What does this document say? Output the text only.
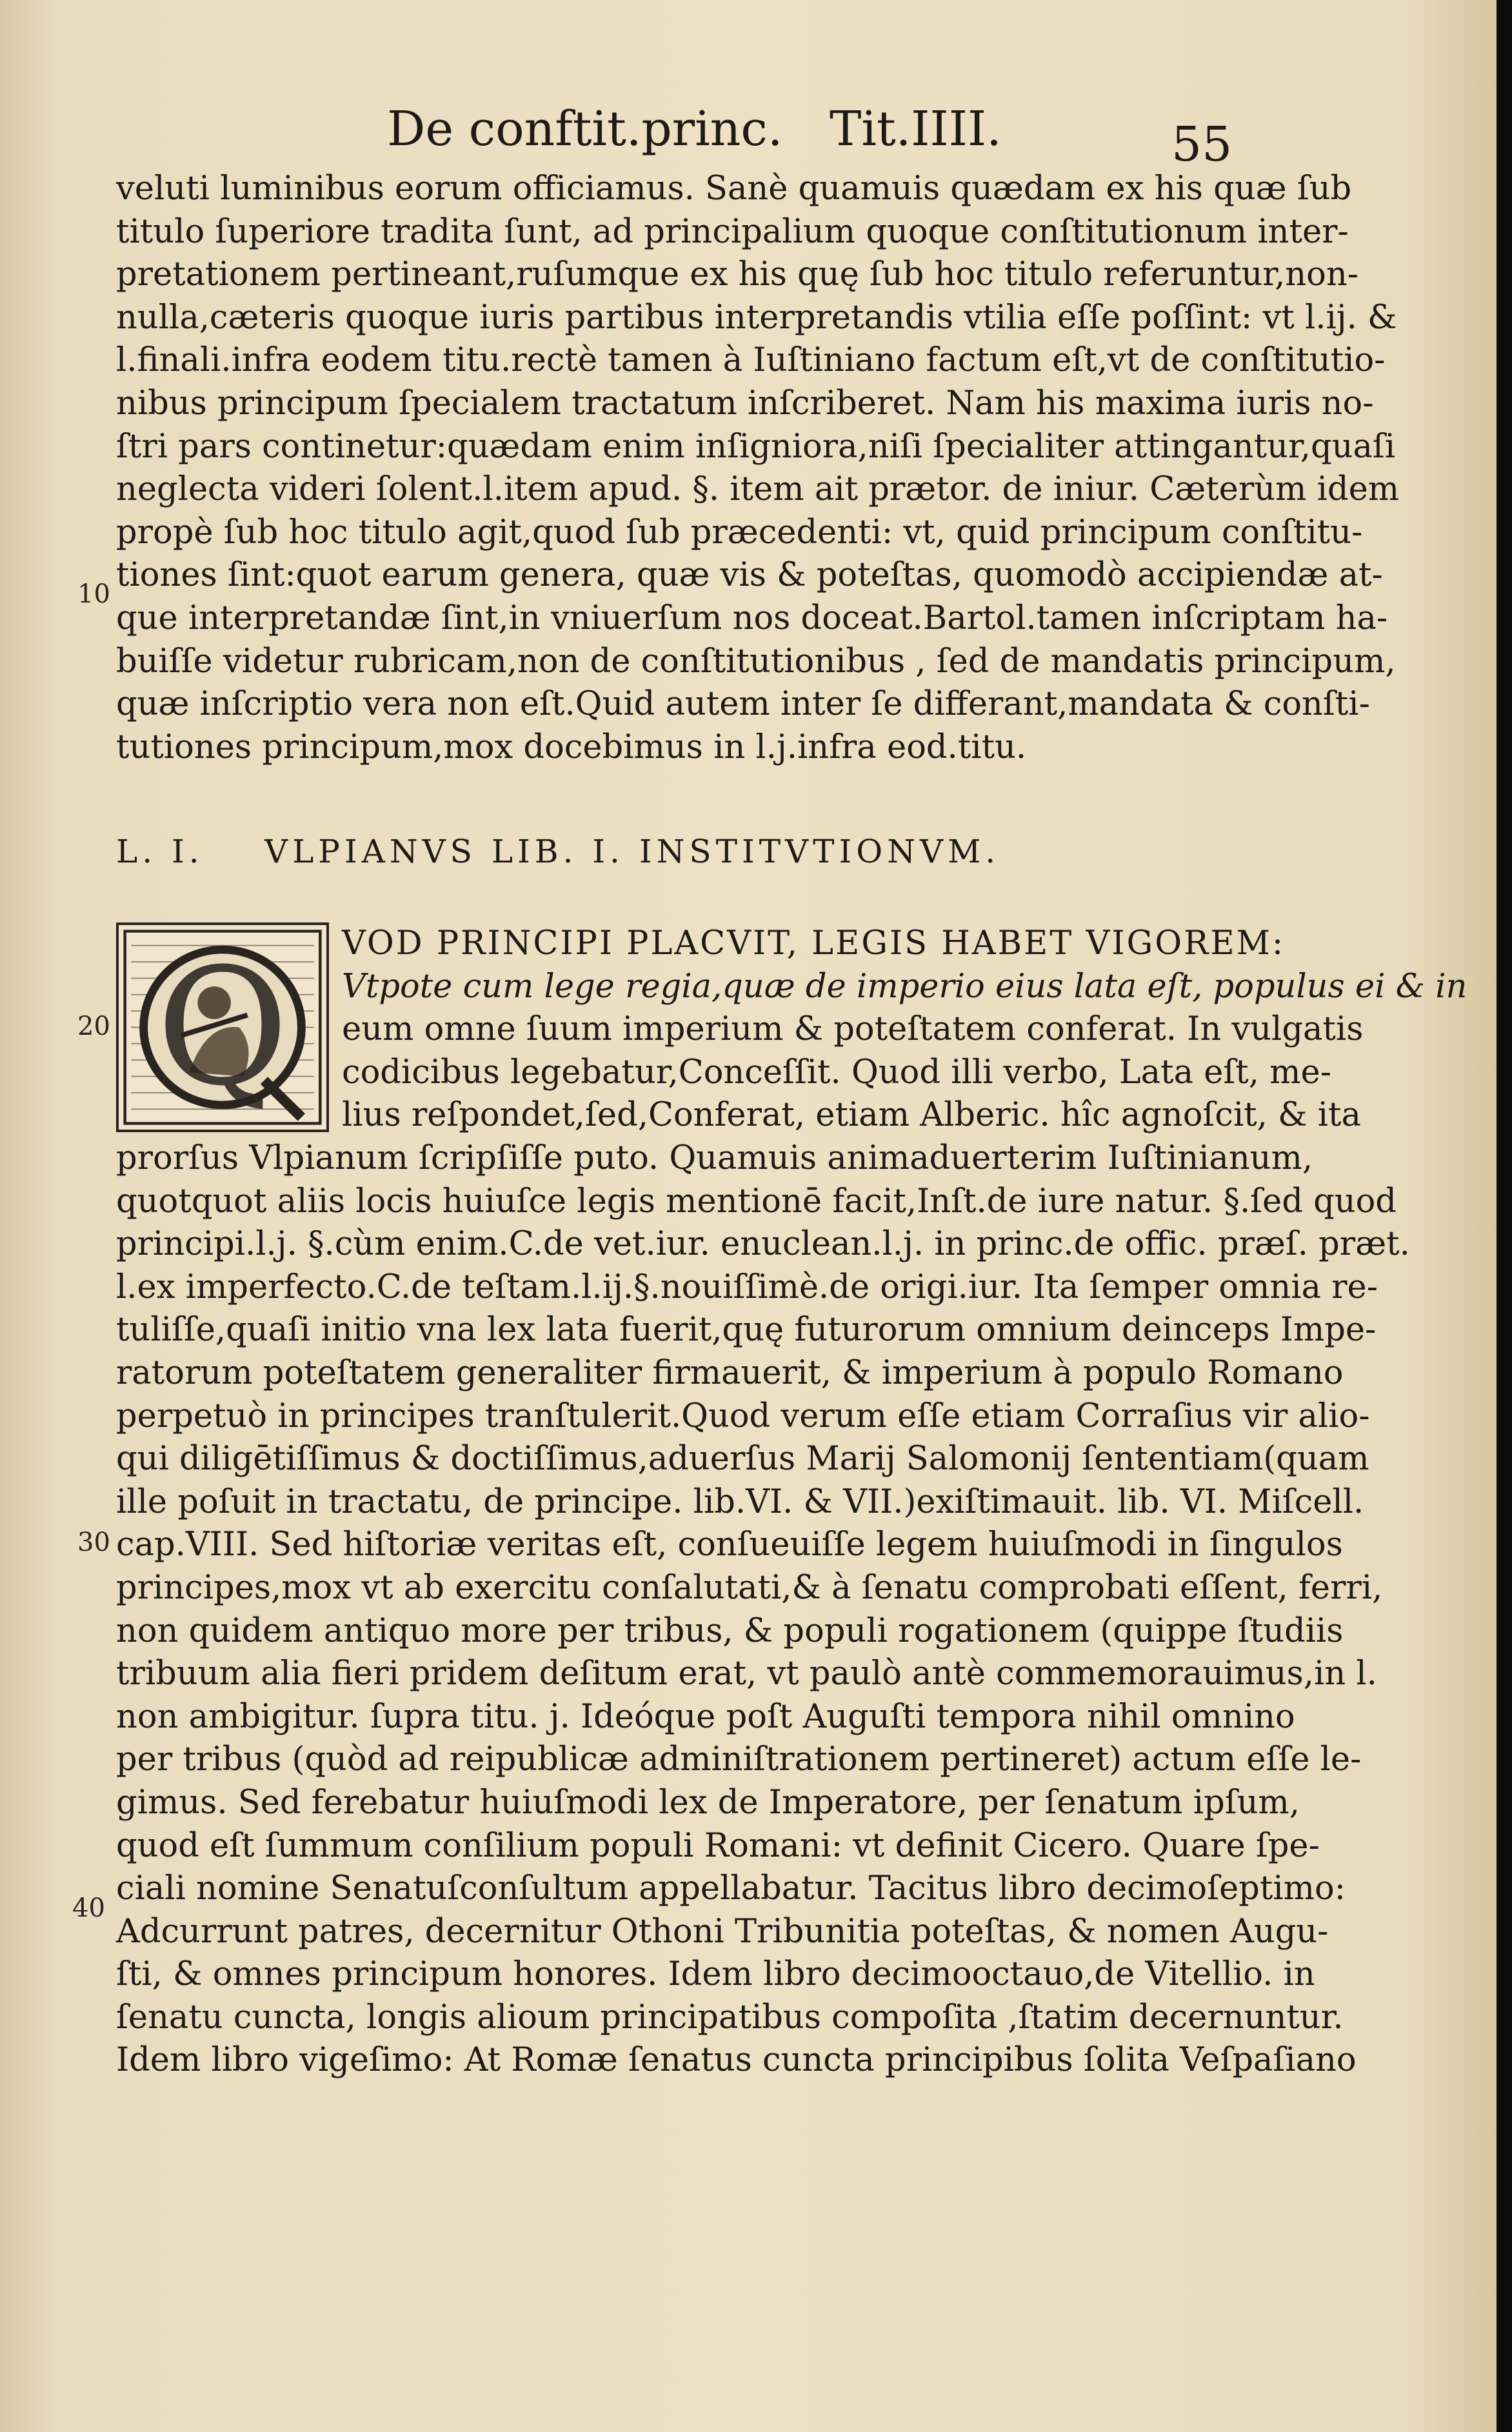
De conftit.princ. Tit.IIII.	55
veluti luminibus eorum officiamus. Sanè quamuis quædam ex his quæ ſub
titulo ſuperiore tradita ſunt, ad principalium quoque conſtitutionum inter-
pretationem pertineant,ruſumque ex his quę ſub hoc titulo referuntur,non-
nulla,cæteris quoque iuris partibus interpretandis vtilia eſſe poſſint: vt l.ij. &
l.finali.infra eodem titu.rectè tamen à Iuſtiniano factum eſt,vt de conſtitutio-
nibus principum ſpecialem tractatum inſcriberet. Nam his maxima iuris no-
ſtri pars continetur:quædam enim inſigniora,niſi ſpecialiter attingantur,quaſi
neglecta videri ſolent.l.item apud. §. item ait prætor. de iniur. Cæterùm idem
propè ſub hoc titulo agit,quod ſub præcedenti: vt, quid principum conſtitu-
tiones ſint:quot earum genera, quæ vis & poteſtas, quomodò accipiendæ at-
que interpretandæ ſint,in vniuerſum nos doceat.Bartol.tamen inſcriptam ha-
buiſſe videtur rubricam,non de conſtitutionibus , ſed de mandatis principum,
quæ inſcriptio vera non eſt.Quid autem inter ſe differant,mandata & conſti-
tutiones principum,mox docebimus in l.j.infra eod.titu.
L. I. VLPIANVS LIB. I. INSTITVTIONVM.
Q	VOD PRINCIPI PLACVIT, LEGIS HABET VIGOREM:
Vtpote cum lege regia,quæ de imperio eius lata eſt, populus ei & in
eum omne ſuum imperium & poteſtatem conferat. In vulgatis
codicibus legebatur,Conceſſit. Quod illi verbo, Lata eſt, me-
lius reſpondet,ſed,Conferat, etiam Alberic. hîc agnoſcit, & ita
prorſus Vlpianum ſcripſiſſe puto. Quamuis animaduerterim Iuſtinianum,
quotquot aliis locis huiuſce legis mentionē facit,Inſt.de iure natur. §.ſed quod
principi.l.j. §.cùm enim.C.de vet.iur. enuclean.l.j. in princ.de offic. præſ. præt.
l.ex imperfecto.C.de teſtam.l.ij.§.nouiſſimè.de origi.iur. Ita ſemper omnia re-
tuliſſe,quaſi initio vna lex lata fuerit,quę futurorum omnium deinceps Impe-
ratorum poteſtatem generaliter firmauerit, & imperium à populo Romano
perpetuò in principes tranſtulerit.Quod verum eſſe etiam Corraſius vir alio-
qui diligētiſſimus & doctiſſimus,aduerſus Marij Salomonij ſententiam(quam
ille poſuit in tractatu, de principe. lib.VI. & VII.)exiſtimauit. lib. VI. Miſcell.
cap.VIII. Sed hiſtoriæ veritas eſt, conſueuiſſe legem huiuſmodi in ſingulos
principes,mox vt ab exercitu conſalutati,& à ſenatu comprobati eſſent, ferri,
non quidem antiquo more per tribus, & populi rogationem (quippe ſtudiis
tribuum alia fieri pridem deſitum erat, vt paulò antè commemorauimus,in l.
non ambigitur. ſupra titu. j. Ideóque poſt Auguſti tempora nihil omnino
per tribus (quòd ad reipublicæ adminiſtrationem pertineret) actum eſſe le-
gimus. Sed ferebatur huiuſmodi lex de Imperatore, per ſenatum ipſum,
quod eſt ſummum conſilium populi Romani: vt definit Cicero. Quare ſpe-
ciali nomine Senatuſconſultum appellabatur. Tacitus libro decimoſeptimo:
Adcurrunt patres, decernitur Othoni Tribunitia poteſtas, & nomen Augu-
ſti, & omnes principum honores. Idem libro decimooctauo,de Vitellio. in
ſenatu cuncta, longis alioum principatibus compoſita ,ſtatim decernuntur.
Idem libro vigeſimo: At Romæ ſenatus cuncta principibus ſolita Veſpaſiano
10
20
30
40
